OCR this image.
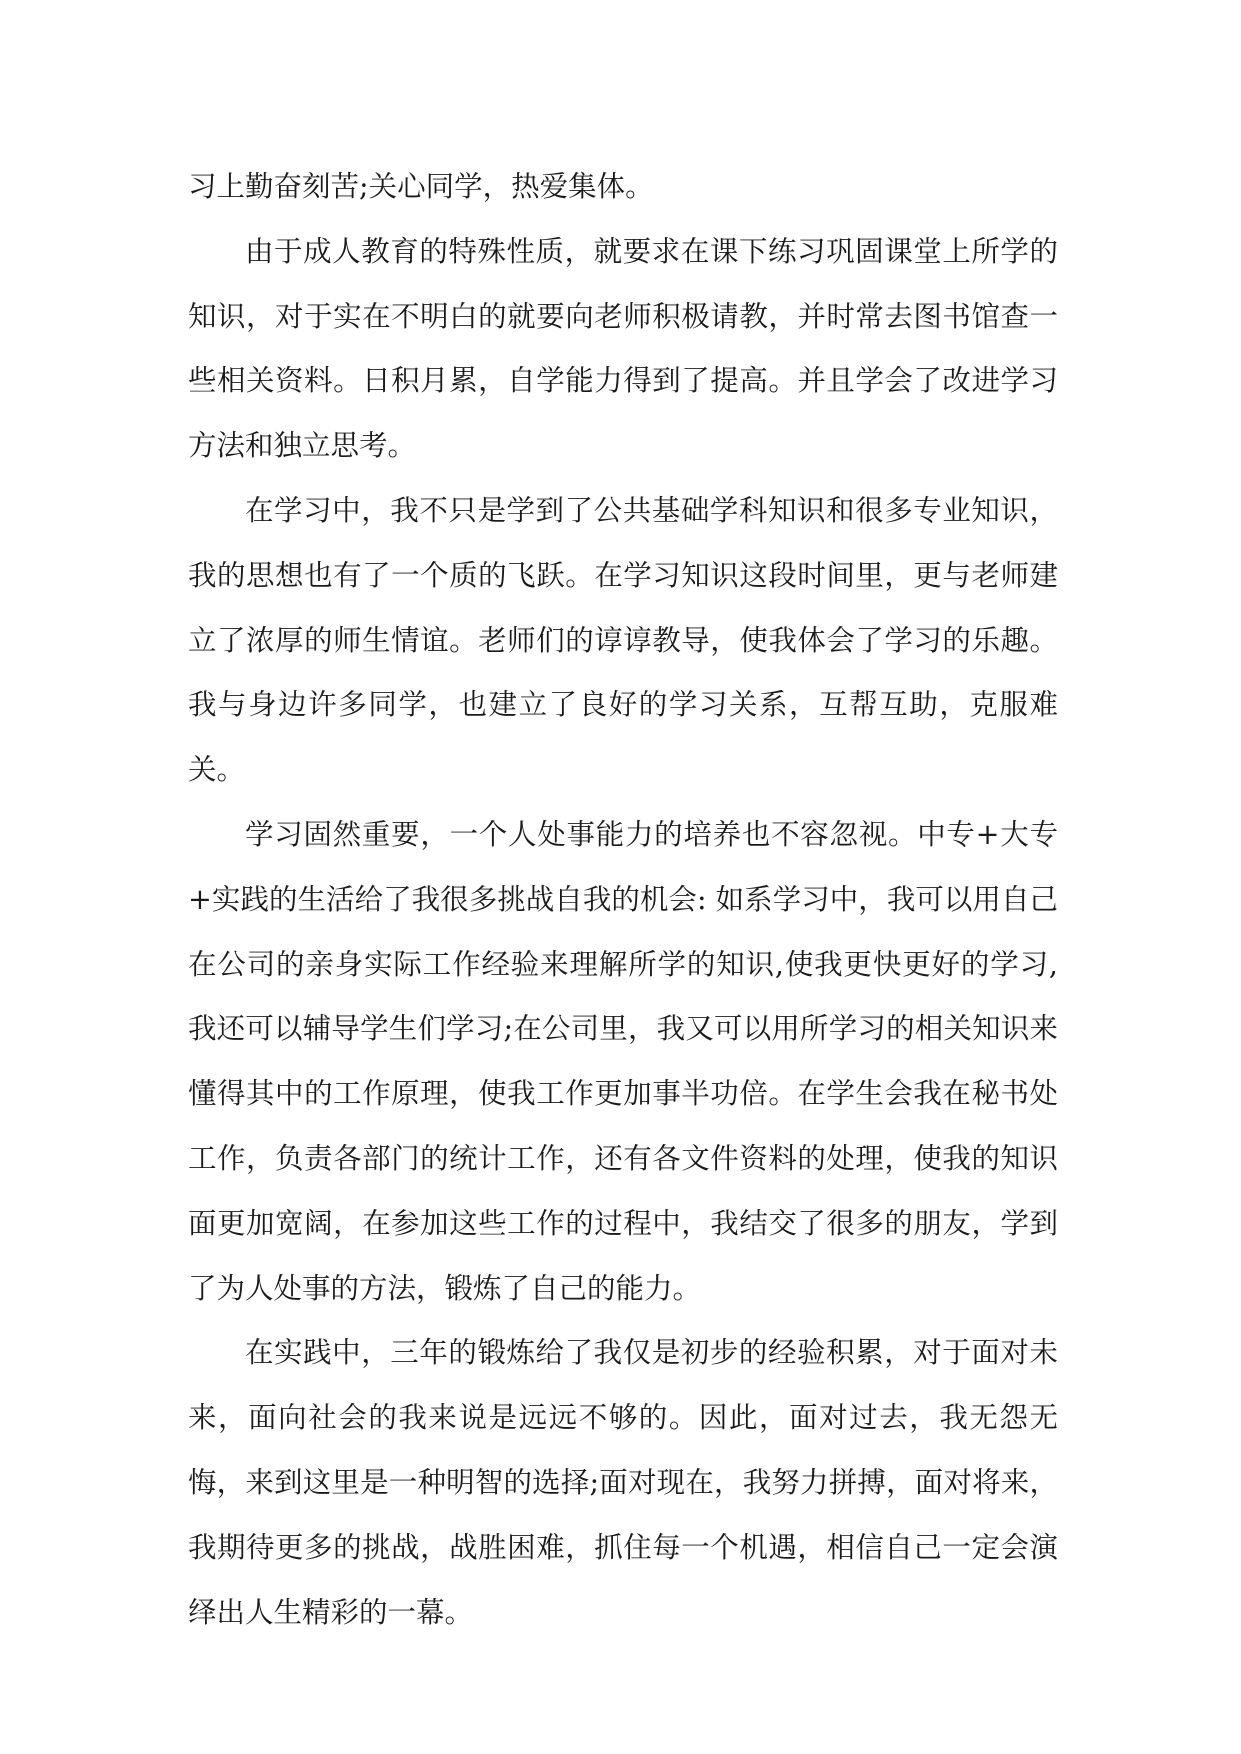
习上勤奋刻苦;关心同学，热爱集体。

由于成人教育的特殊性质，就要求在课下练习巩固课堂上所学的知识，对于实在不明白的就要向老师积极请教，并时常去图书馆查一些相关资料。日积月累，自学能力得到了提高。并且学会了改进学习方法和独立思考。

在学习中，我不只是学到了公共基础学科知识和很多专业知识，我的思想也有了一个质的飞跃。在学习知识这段时间里，更与老师建立了浓厚的师生情谊。老师们的谆谆教导，使我体会了学习的乐趣。我与身边许多同学，也建立了良好的学习关系，互帮互助，克服难关。

学习固然重要，一个人处事能力的培养也不容忽视。中专+大专+实践的生活给了我很多挑战自我的机会: 如系学习中，我可以用自己在公司的亲身实际工作经验来理解所学的知识,使我更快更好的学习,我还可以辅导学生们学习;在公司里，我又可以用所学习的相关知识来懂得其中的工作原理，使我工作更加事半功倍。在学生会我在秘书处工作，负责各部门的统计工作，还有各文件资料的处理，使我的知识面更加宽阔，在参加这些工作的过程中，我结交了很多的朋友，学到了为人处事的方法，锻炼了自己的能力。

在实践中，三年的锻炼给了我仅是初步的经验积累，对于面对未来，面向社会的我来说是远远不够的。因此，面对过去，我无怨无悔，来到这里是一种明智的选择;面对现在，我努力拼搏，面对将来，我期待更多的挑战，战胜困难，抓住每一个机遇，相信自己一定会演绎出人生精彩的一幕。
